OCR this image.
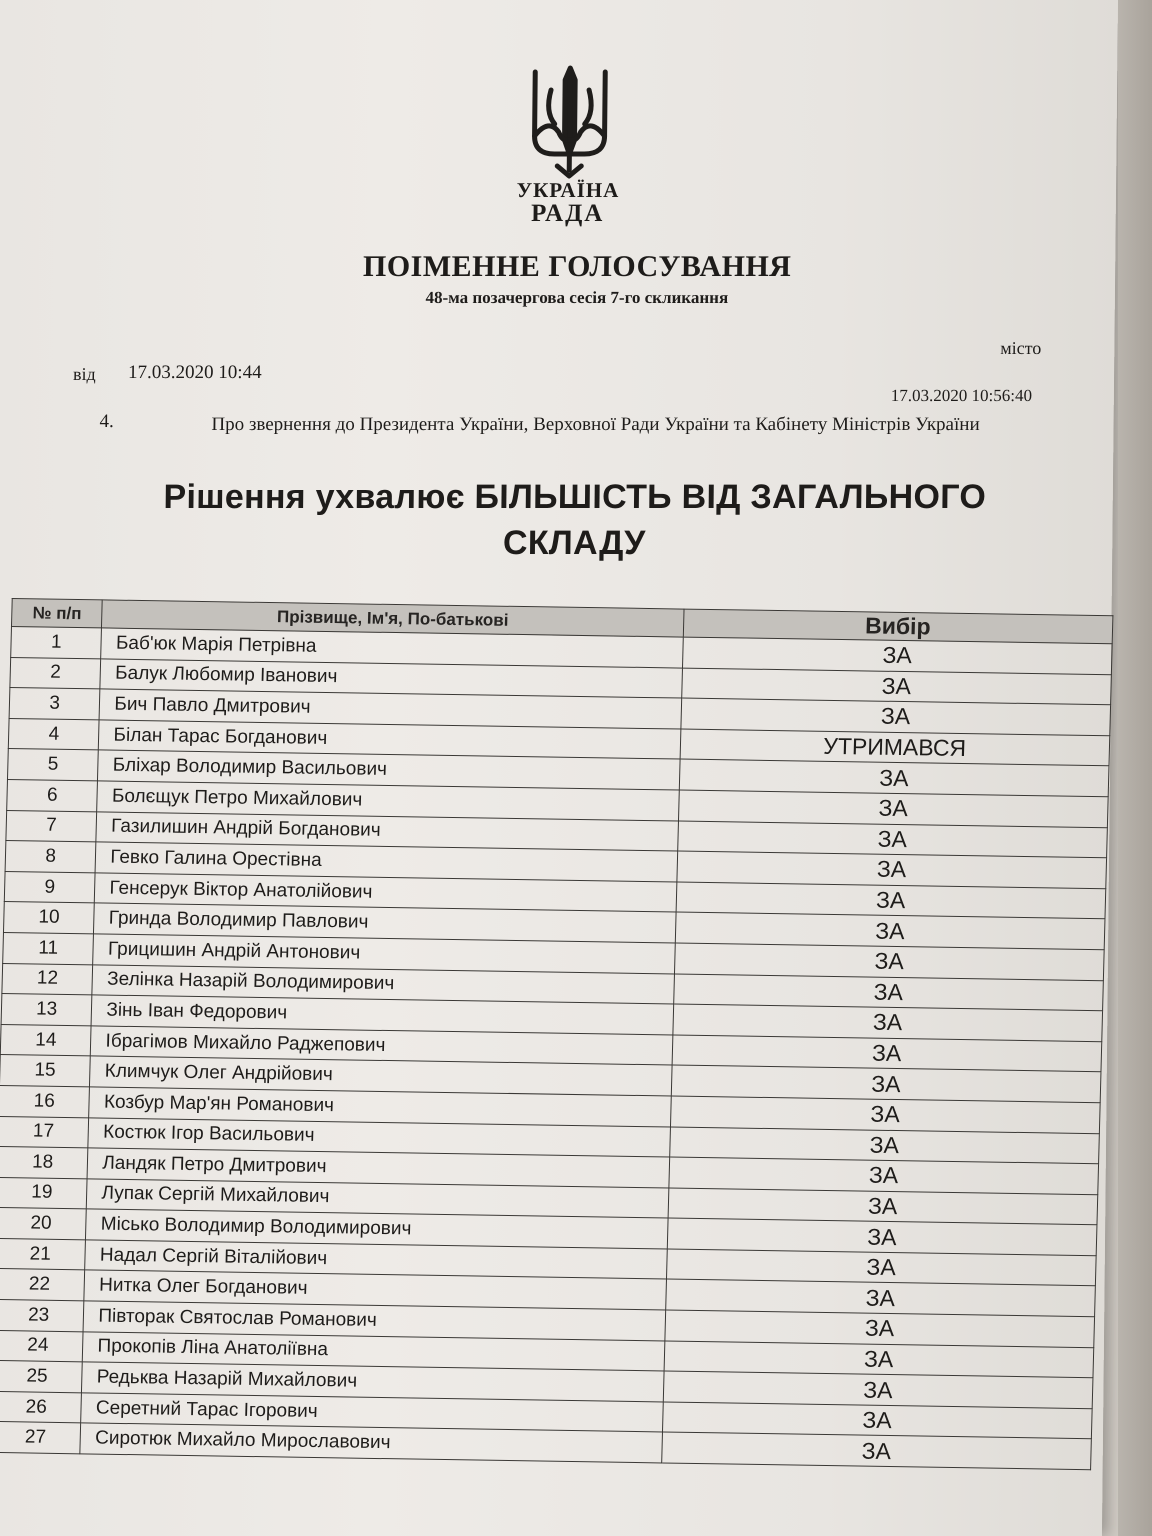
УКРАЇНА
РАДА
ПОІМЕННЕ ГОЛОСУВАННЯ
48-ма позачергова сесія 7-го скликання
місто
від 17.03.2020 10:44
17.03.2020 10:56:40
4.	Про звернення до Президента України, Верховної Ради України та Кабінету Міністрів України
Рішення ухвалює БІЛЬШІСТЬ ВІД ЗАГАЛЬНОГО СКЛАДУ
№ п/п	Прізвище, Ім'я, По-батькові	Вибір
1	Баб'юк Марія Петрівна	ЗА
2	Балук Любомир Іванович	ЗА
3	Бич Павло Дмитрович	ЗА
4	Білан Тарас Богданович	УТРИМАВСЯ
5	Бліхар Володимир Васильович	ЗА
6	Болєщук Петро Михайлович	ЗА
7	Газилишин Андрій Богданович	ЗА
8	Гевко Галина Орестівна	ЗА
9	Генсерук Віктор Анатолійович	ЗА
10	Гринда Володимир Павлович	ЗА
11	Грицишин Андрій Антонович	ЗА
12	Зелінка Назарій Володимирович	ЗА
13	Зінь Іван Федорович	ЗА
14	Ібрагімов Михайло Раджепович	ЗА
15	Климчук Олег Андрійович	ЗА
16	Козбур Мар'ян Романович	ЗА
17	Костюк Ігор Васильович	ЗА
18	Ландяк Петро Дмитрович	ЗА
19	Лупак Сергій Михайлович	ЗА
20	Місько Володимир Володимирович	ЗА
21	Надал Сергій Віталійович	ЗА
22	Нитка Олег Богданович	ЗА
23	Півторак Святослав Романович	ЗА
24	Прокопів Ліна Анатоліївна	ЗА
25	Редьква Назарій Михайлович	ЗА
26	Серетний Тарас Ігорович	ЗА
27	Сиротюк Михайло Мирославович	ЗА
